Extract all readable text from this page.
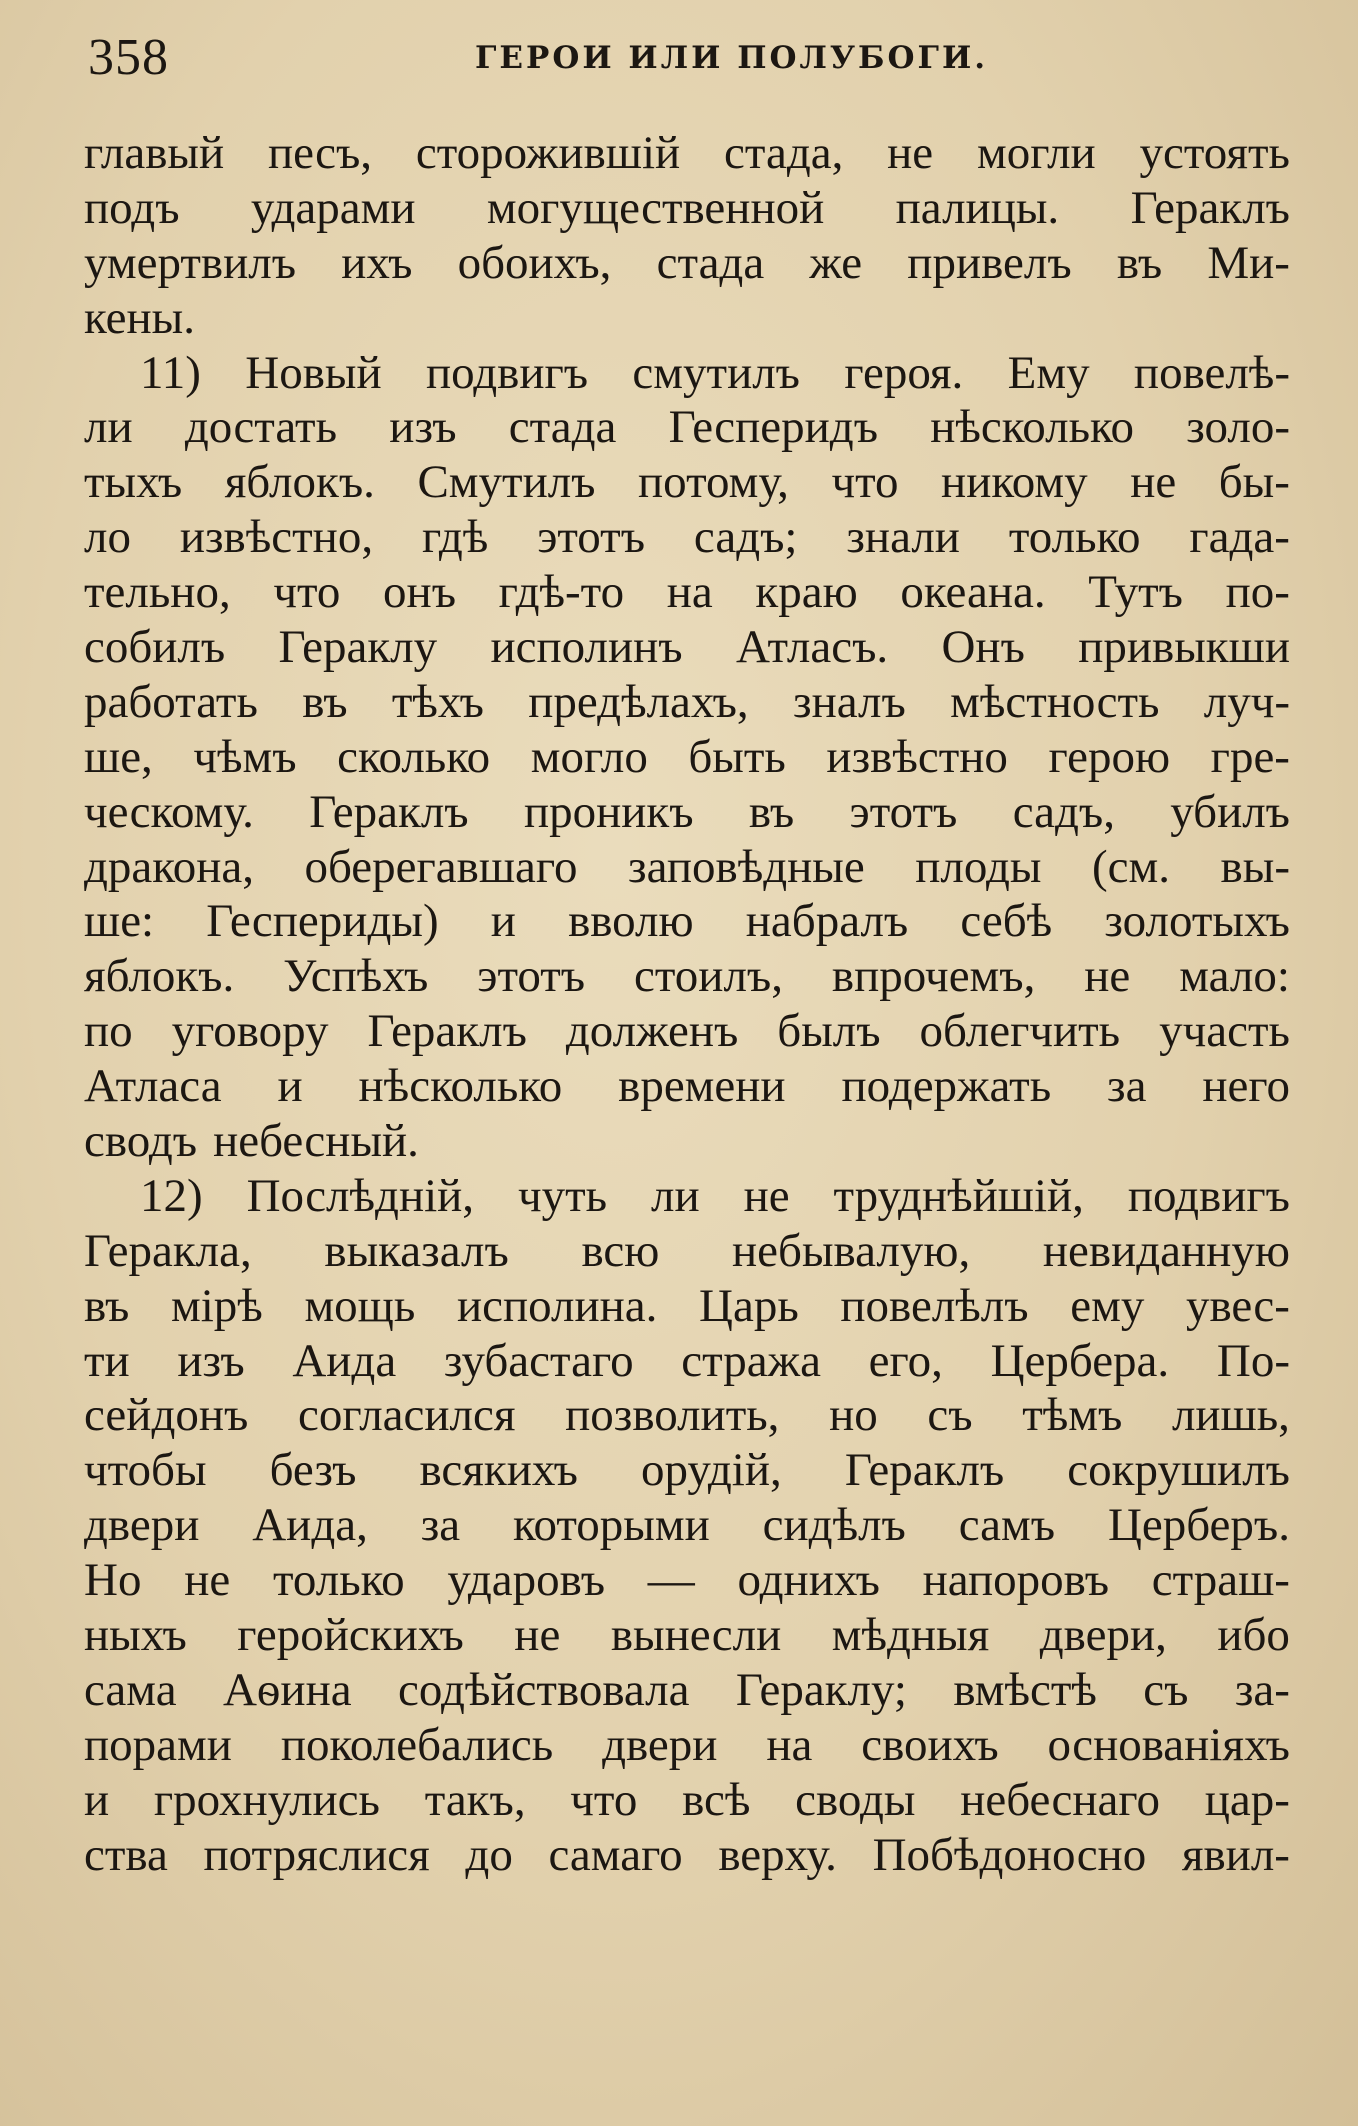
358	ГЕРОИ ИЛИ ПОЛУБОГИ.
главый песъ, сторожившій стада, не могли устоять
подъ ударами могущественной палицы. Гераклъ
умертвилъ ихъ обоихъ, стада же привелъ въ Ми-
кены.
11) Новый подвигъ смутилъ героя. Ему повелѣ-
ли достать изъ стада Гесперидъ нѣсколько золо-
тыхъ яблокъ. Смутилъ потому, что никому не бы-
ло извѣстно, гдѣ этотъ садъ; знали только гада-
тельно, что онъ гдѣ-то на краю океана. Тутъ по-
собилъ Гераклу исполинъ Атласъ. Онъ привыкши
работать въ тѣхъ предѣлахъ, зналъ мѣстность луч-
ше, чѣмъ сколько могло быть извѣстно герою гре-
ческому. Гераклъ проникъ въ этотъ садъ, убилъ
дракона, оберегавшаго заповѣдные плоды (см. вы-
ше: Геспериды) и вволю набралъ себѣ золотыхъ
яблокъ. Успѣхъ этотъ стоилъ, впрочемъ, не мало:
по уговору Гераклъ долженъ былъ облегчить участь
Атласа и нѣсколько времени подержать за него
сводъ небесный.
12) Послѣдній, чуть ли не труднѣйшій, подвигъ
Геракла, выказалъ всю небывалую, невиданную
въ мірѣ мощь исполина. Царь повелѣлъ ему увес-
ти изъ Аида зубастаго стража его, Цербера. По-
сейдонъ согласился позволить, но съ тѣмъ лишь,
чтобы безъ всякихъ орудій, Гераклъ сокрушилъ
двери Аида, за которыми сидѣлъ самъ Церберъ.
Но не только ударовъ — однихъ напоровъ страш-
ныхъ геройскихъ не вынесли мѣдныя двери, ибо
сама Аѳина содѣйствовала Гераклу; вмѣстѣ съ за-
порами поколебались двери на своихъ основаніяхъ
и грохнулись такъ, что всѣ своды небеснаго цар-
ства потряслися до самаго верху. Побѣдоносно явил-
